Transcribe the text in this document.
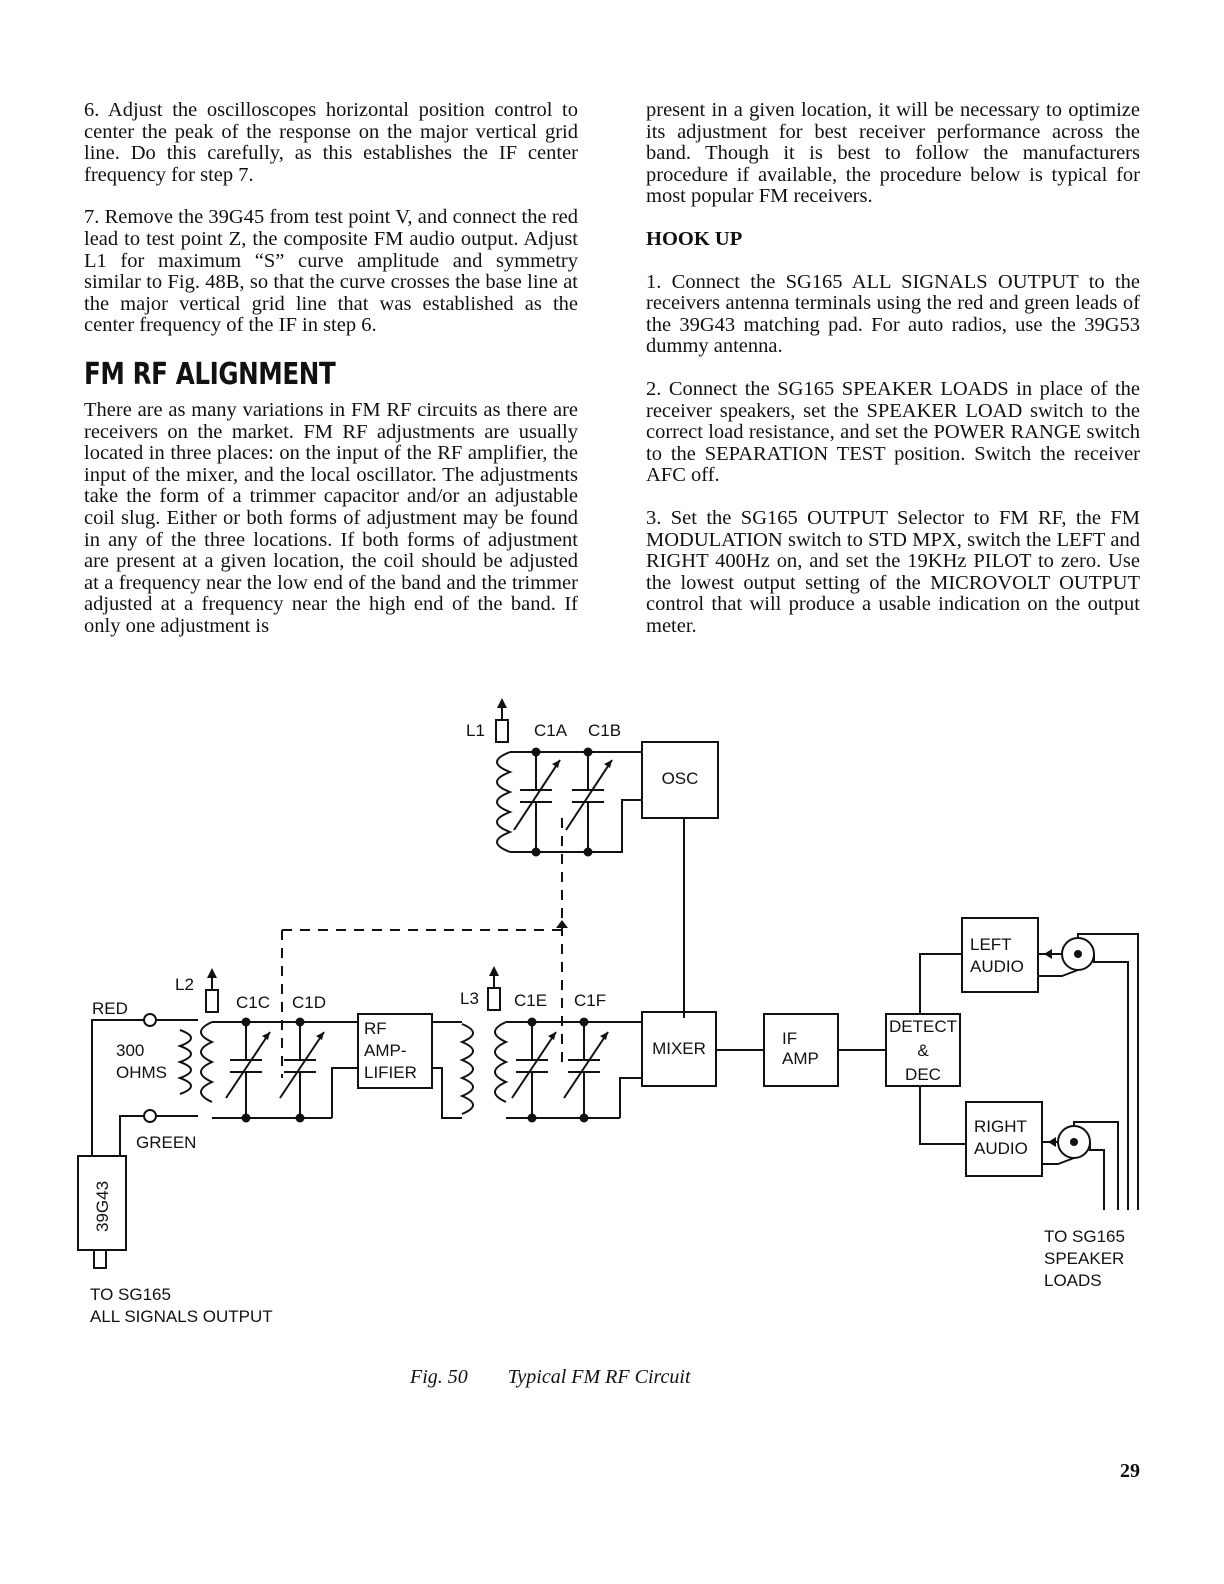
6. Adjust the oscilloscopes horizontal position control to center the peak of the response on the major vertical grid line. Do this carefully, as this establishes the IF center frequency for step 7.

7. Remove the 39G45 from test point V, and connect the red lead to test point Z, the composite FM audio output. Adjust L1 for maximum “S” curve amplitude and symmetry similar to Fig. 48B, so that the curve crosses the base line at the major vertical grid line that was established as the center frequency of the IF in step 6.

FM RF ALIGNMENT

There are as many variations in FM RF circuits as there are receivers on the market. FM RF adjustments are usually located in three places: on the input of the RF amplifier, the input of the mixer, and the local oscillator. The adjustments take the form of a trimmer capacitor and/or an adjustable coil slug. Either or both forms of adjustment may be found in any of the three locations. If both forms of adjustment are present at a given location, the coil should be adjusted at a frequency near the low end of the band and the trimmer adjusted at a frequency near the high end of the band. If only one adjustment is

present in a given location, it will be necessary to optimize its adjustment for best receiver performance across the band. Though it is best to follow the manufacturers procedure if available, the procedure below is typical for most popular FM receivers.

HOOK UP

1. Connect the SG165 ALL SIGNALS OUTPUT to the receivers antenna terminals using the red and green leads of the 39G43 matching pad. For auto radios, use the 39G53 dummy antenna.

2. Connect the SG165 SPEAKER LOADS in place of the receiver speakers, set the SPEAKER LOAD switch to the correct load resistance, and set the POWER RANGE switch to the SEPARATION TEST position. Switch the receiver AFC off.

3. Set the SG165 OUTPUT Selector to FM RF, the FM MODULATION switch to STD MPX, switch the LEFT and RIGHT 400Hz on, and set the 19KHz PILOT to zero. Use the lowest output setting of the MICROVOLT OUTPUT control that will produce a usable indication on the output meter.

L1	C1A C1B
OSC
L2
C1C C1D	L3 C1E C1F
RED
300
OHMS
GREEN
RF
AMP-
LIFIER
MIXER
IF
AMP
DETECT
&
DEC
LEFT
AUDIO
RIGHT
AUDIO
39G43
TO SG165
ALL SIGNALS OUTPUT
TO SG165
SPEAKER
LOADS
Fig. 50 Typical FM RF Circuit
29
